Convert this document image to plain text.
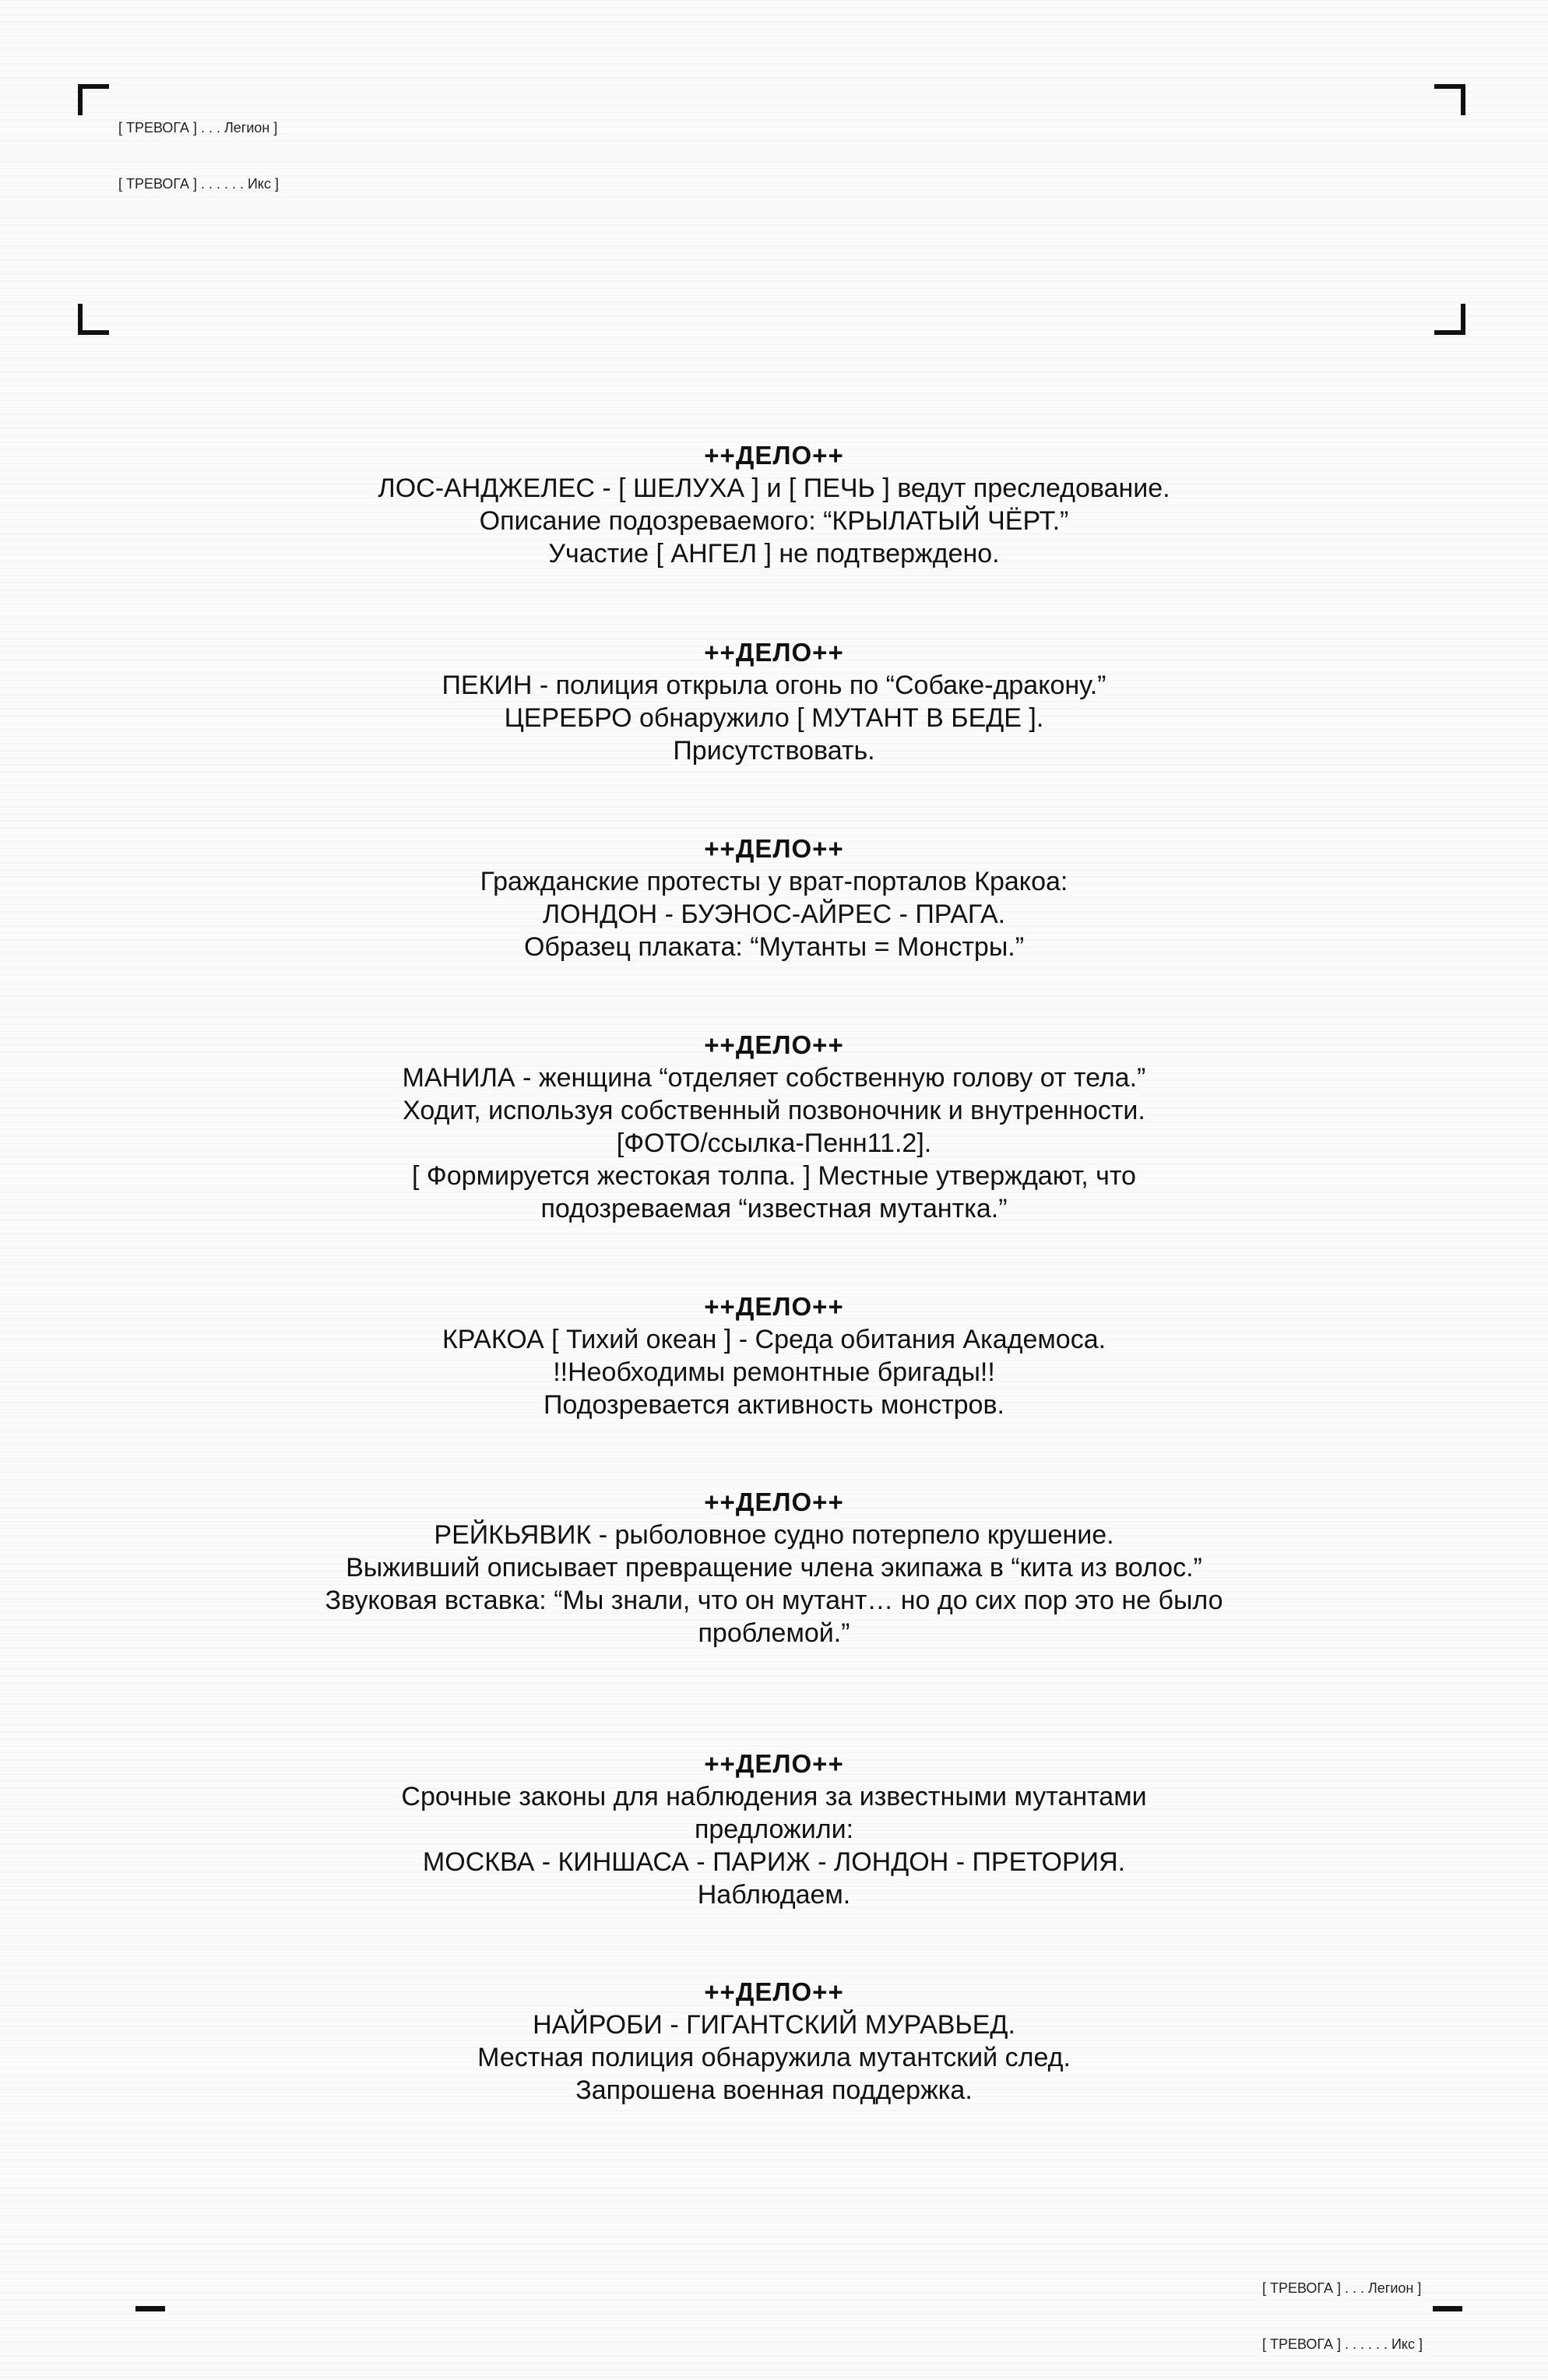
[ ТРЕВОГА ] . . . Легион ]

[ ТРЕВОГА ] . . . . . . Икс ]

++ДЕЛО++
ЛОС-АНДЖЕЛЕС - [ ШЕЛУХА ] и [ ПЕЧЬ ] ведут преследование.
Описание подозреваемого: “КРЫЛАТЫЙ ЧЁРТ.”
Участие [ АНГЕЛ ] не подтверждено.
++ДЕЛО++
ПЕКИН - полиция открыла огонь по “Собаке-дракону.”
ЦЕРЕБРО обнаружило [ МУТАНТ В БЕДЕ ].
Присутствовать.
++ДЕЛО++
Гражданские протесты у врат-порталов Кракоа:
ЛОНДОН - БУЭНОС-АЙРЕС - ПРАГА.
Образец плаката: “Мутанты = Монстры.”
++ДЕЛО++
МАНИЛА - женщина “отделяет собственную голову от тела.”
Ходит, используя собственный позвоночник и внутренности.
[ФОТО/ссылка-Пенн11.2].
[ Формируется жестокая толпа. ] Местные утверждают, что
подозреваемая “известная мутантка.”
++ДЕЛО++
КРАКОА [ Тихий океан ] - Среда обитания Академоса.
!!Необходимы ремонтные бригады!!
Подозревается активность монстров.
++ДЕЛО++
РЕЙКЬЯВИК - рыболовное судно потерпело крушение.
Выживший описывает превращение члена экипажа в “кита из волос.”
Звуковая вставка: “Мы знали, что он мутант… но до сих пор это не было
проблемой.”
++ДЕЛО++
Срочные законы для наблюдения за известными мутантами
предложили:
МОСКВА - КИНШАСА - ПАРИЖ - ЛОНДОН - ПРЕТОРИЯ.
Наблюдаем.
++ДЕЛО++
НАЙРОБИ - ГИГАНТСКИЙ МУРАВЬЕД.
Местная полиция обнаружила мутантский след.
Запрошена военная поддержка.

[ ТРЕВОГА ] . . . Легион ]

[ ТРЕВОГА ] . . . . . . Икс ]
